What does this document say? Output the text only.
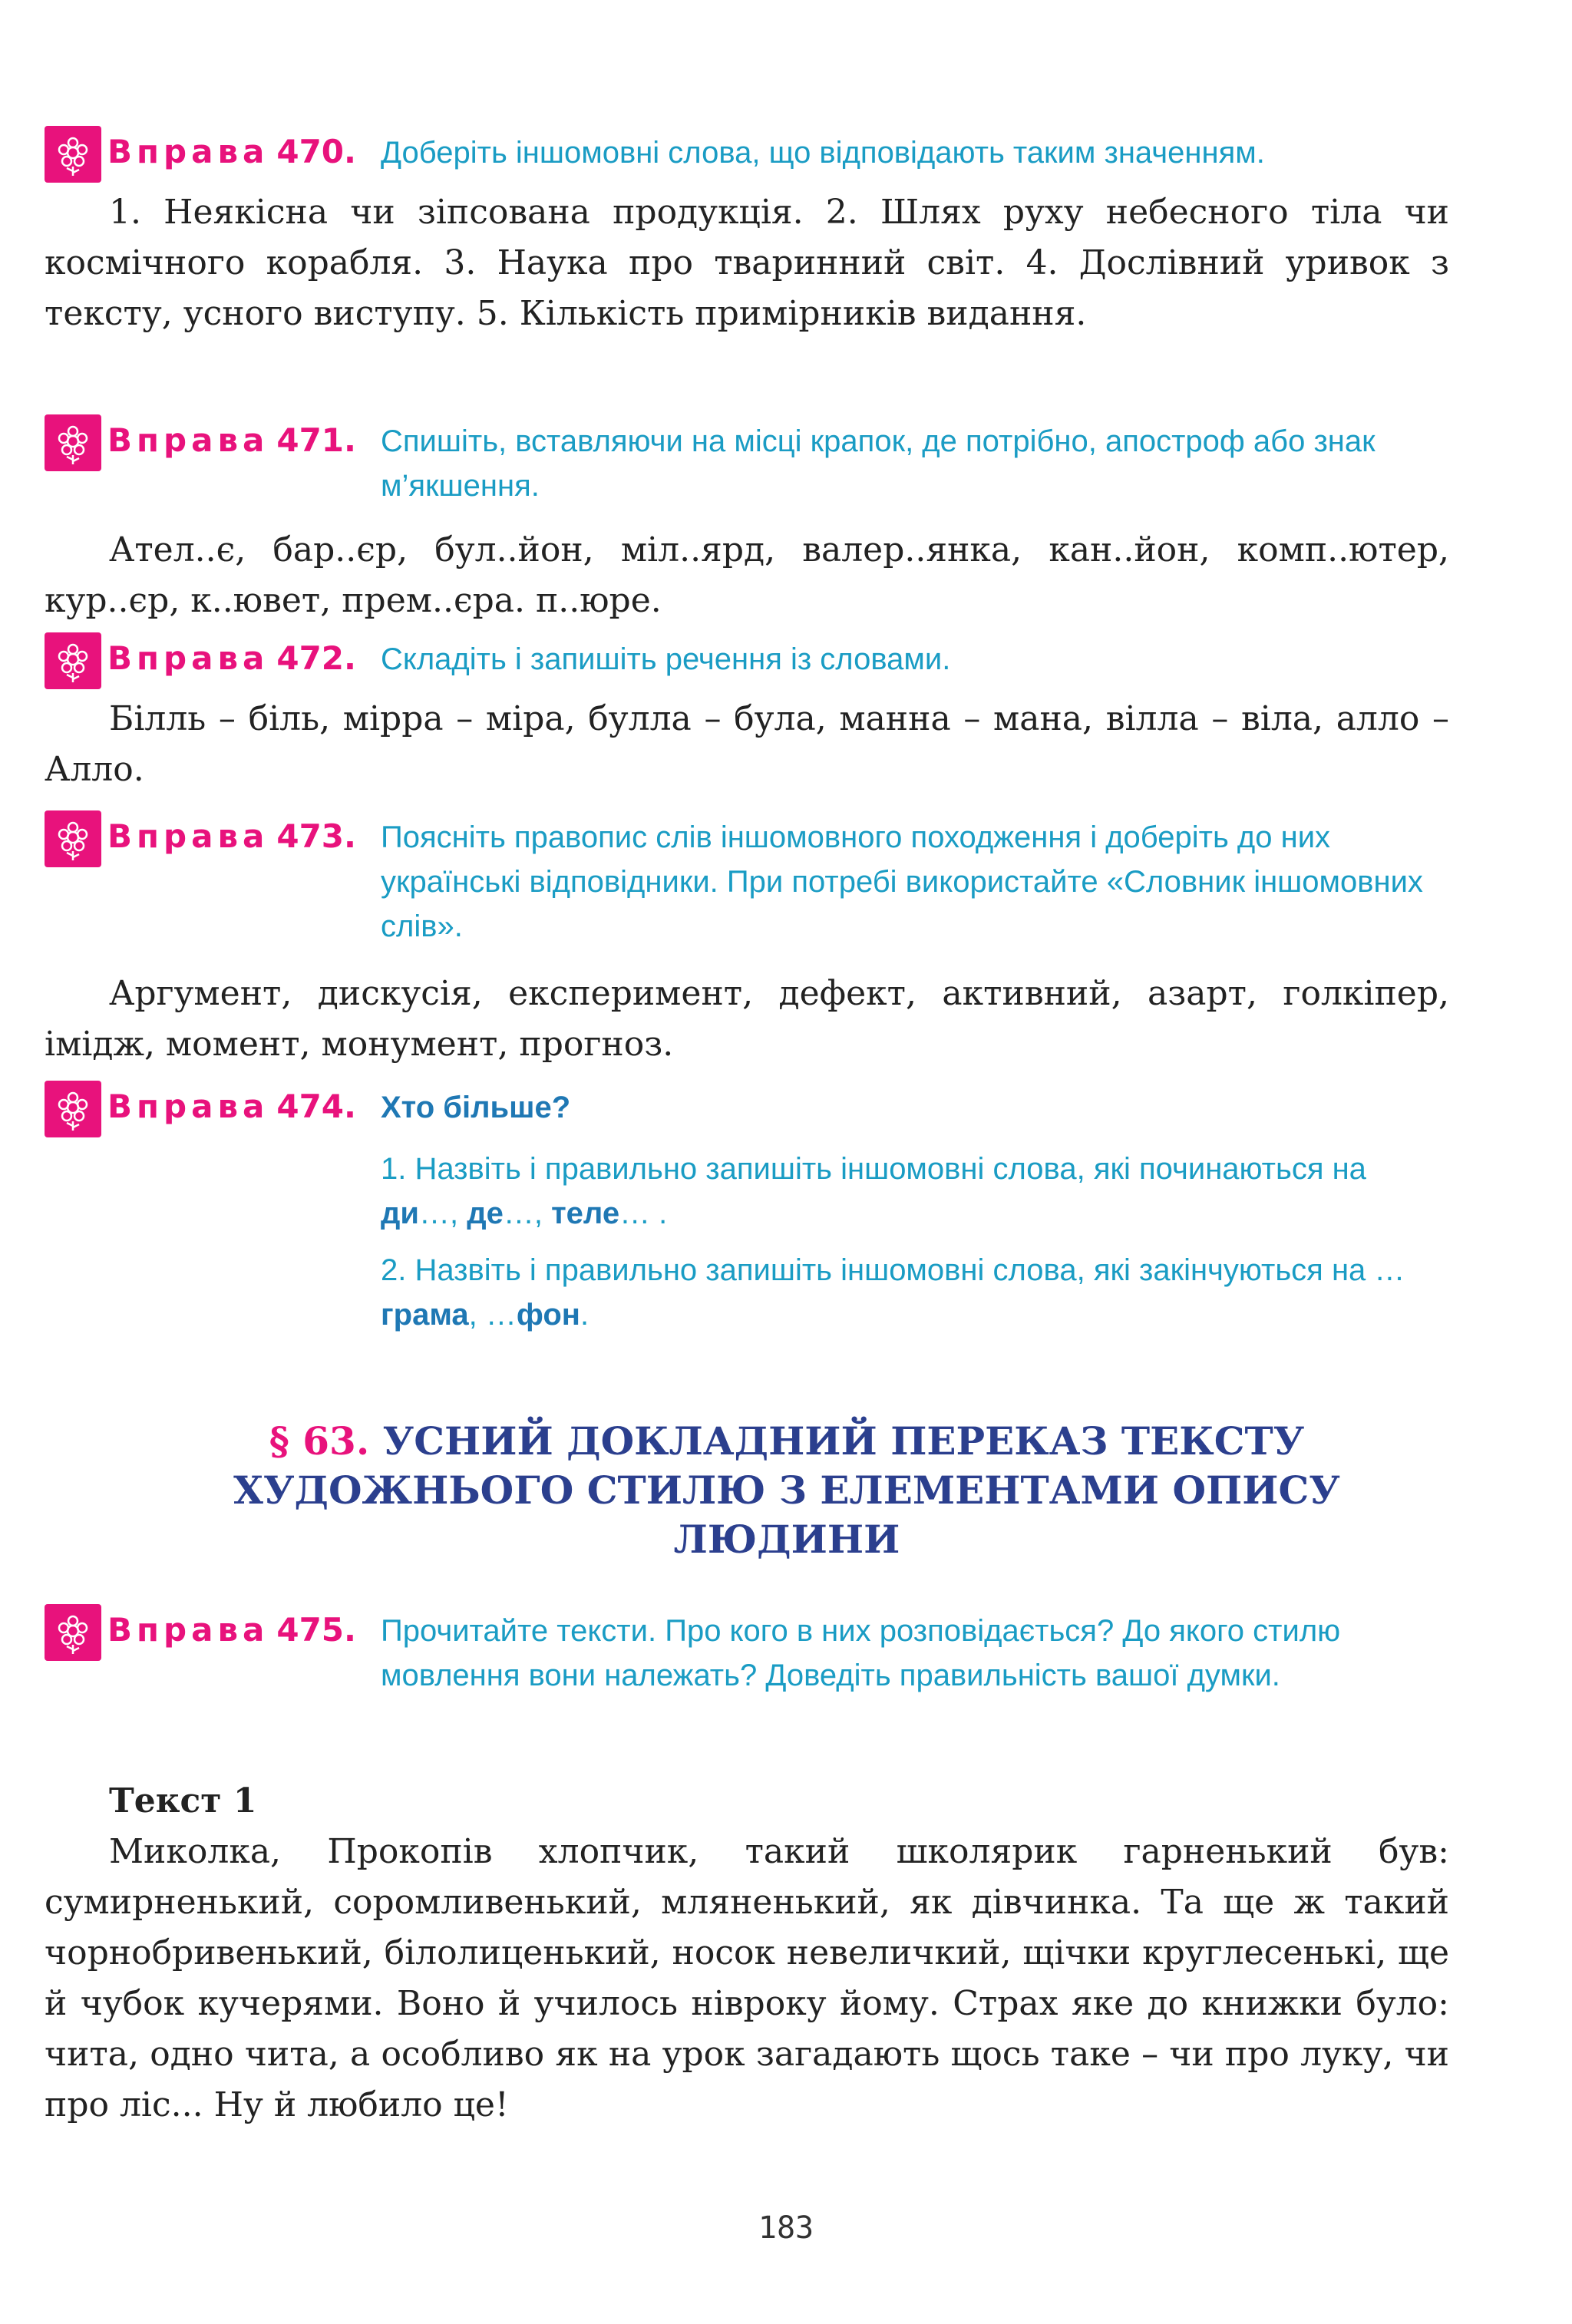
Вправа 470. Доберіть іншомовні слова, що відповідають таким значенням.
1. Неякісна чи зіпсована продукція. 2. Шлях руху небесного тіла чи космічного корабля. 3. Наука про тваринний світ. 4. Дослівний уривок з тексту, усного виступу. 5. Кількість примірників видання.
Вправа 471. Спишіть, вставляючи на місці крапок, де потрібно, апостроф або знак м’якшення.
Ател..є, бар..єр, бул..йон, міл..ярд, валер..янка, кан..йон, комп..ютер, кур..єр, к..ювет, прем..єра. п..юре.
Вправа 472. Складіть і запишіть речення із словами.
Білль – біль, мірра – міра, булла – була, манна – мана, вілла – віла, алло – Алло.
Вправа 473. Поясніть правопис слів іншомовного походження і доберіть до них українські відповідники. При потребі використайте «Словник іншомовних слів».
Аргумент, дискусія, експеримент, дефект, активний, азарт, голкіпер, імідж, момент, монумент, прогноз.
Вправа 474. Хто більше?
1. Назвіть і правильно запишіть іншомовні слова, які починаються на ди…, де…, теле… .
2. Назвіть і правильно запишіть іншомовні слова, які закінчуються на …грама, …фон.
§ 63. УСНИЙ ДОКЛАДНИЙ ПЕРЕКАЗ ТЕКСТУ ХУДОЖНЬОГО СТИЛЮ З ЕЛЕМЕНТАМИ ОПИСУ ЛЮДИНИ
Вправа 475. Прочитайте тексти. Про кого в них розповідається? До якого стилю мовлення вони належать? Доведіть правильність вашої думки.
Текст 1
Миколка, Прокопів хлопчик, такий школярик гарненький був: сумирненький, соромливенький, мляненький, як дівчинка. Та ще ж такий чорнобривенький, білолиценький, носок невеличкий, щічки круглесенькі, ще й чубок кучерями. Воно й училось нівроку йому. Страх яке до книжки було: чита, одно чита, а особливо як на урок загадають щось таке – чи про луку, чи про ліс... Ну й любило це!
183
